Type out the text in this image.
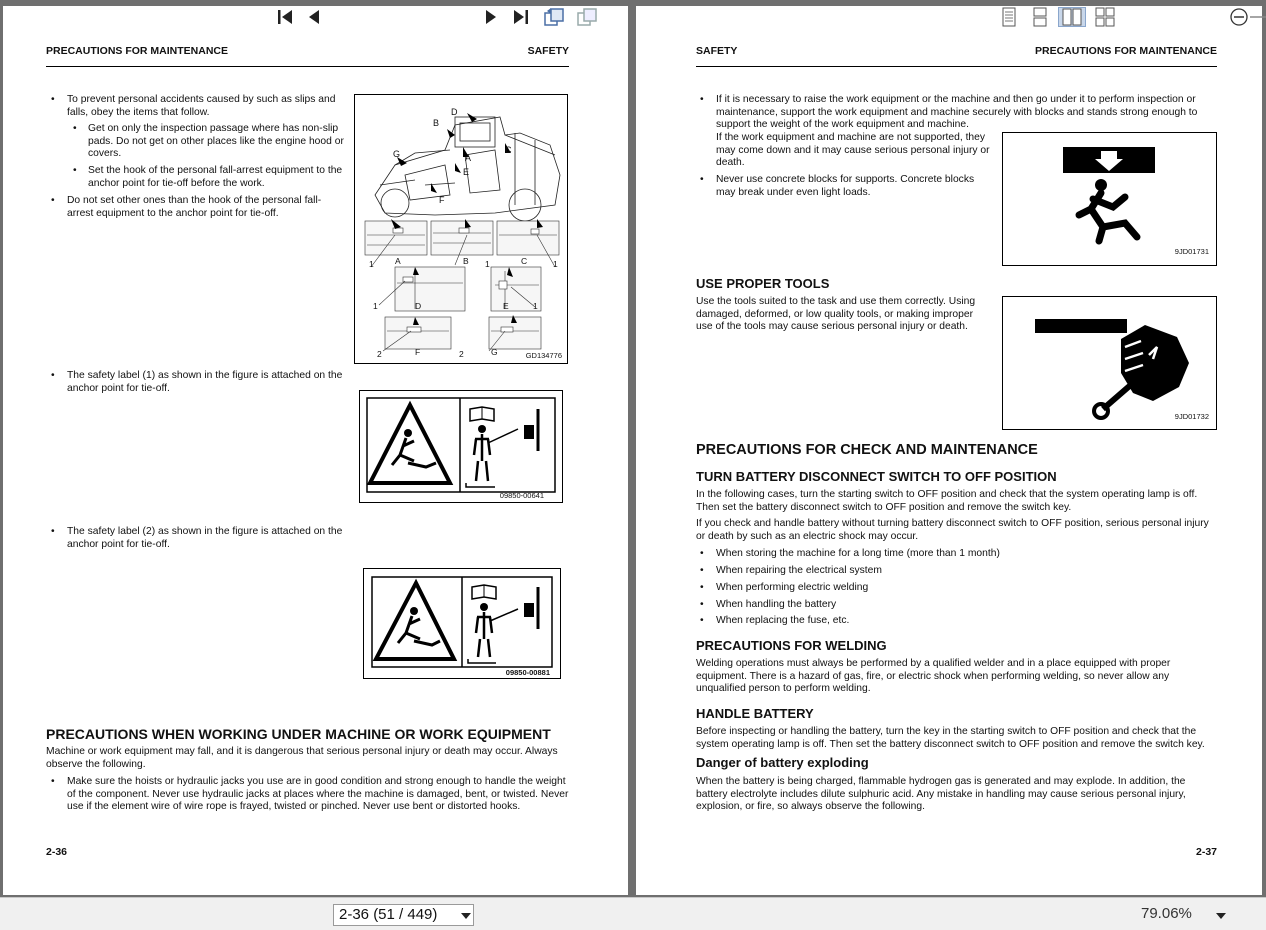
PRECAUTIONS FOR MAINTENANCE	SAFETY
• To prevent personal accidents caused by such as slips and falls, obey the items that follow.
• Get on only the inspection passage where has non-slip pads. Do not get on other places like the engine hood or covers.
• Set the hook of the personal fall-arrest equipment to the anchor point for tie-off before the work.
• Do not set other ones than the hook of the personal fall-arrest equipment to the anchor point for tie-off.
D
B
G	A
C
E
F
A	B	C
D	E
F	G
1	1	1
1	1
2	2	GD134776
• The safety label (1) as shown in the figure is attached on the anchor point for tie-off.
09850-00641
• The safety label (2) as shown in the figure is attached on the anchor point for tie-off.
09850-00881
PRECAUTIONS WHEN WORKING UNDER MACHINE OR WORK EQUIPMENT
Machine or work equipment may fall, and it is dangerous that serious personal injury or death may occur. Always observe the following.
• Make sure the hoists or hydraulic jacks you use are in good condition and strong enough to handle the weight of the component. Never use hydraulic jacks at places where the machine is damaged, bent, or twisted. Never use if the element wire of wire rope is frayed, twisted or pinched. Never use bent or distorted hooks.
2-36
SAFETY	PRECAUTIONS FOR MAINTENANCE
• If it is necessary to raise the work equipment or the machine and then go under it to perform inspection or maintenance, support the work equipment and machine securely with blocks and stands strong enough to support the weight of the work equipment and machine.
If the work equipment and machine are not supported, they may come down and it may cause serious personal injury or death.
• Never use concrete blocks for supports. Concrete blocks may break under even light loads.
9JD01731
USE PROPER TOOLS
Use the tools suited to the task and use them correctly. Using damaged, deformed, or low quality tools, or making improper use of the tools may cause serious personal injury or death.
9JD01732
PRECAUTIONS FOR CHECK AND MAINTENANCE
TURN BATTERY DISCONNECT SWITCH TO OFF POSITION
In the following cases, turn the starting switch to OFF position and check that the system operating lamp is off. Then set the battery disconnect switch to OFF position and remove the switch key.
If you check and handle battery without turning battery disconnect switch to OFF position, serious personal injury or death by such as an electric shock may occur.
• When storing the machine for a long time (more than 1 month)
• When repairing the electrical system
• When performing electric welding
• When handling the battery
• When replacing the fuse, etc.
PRECAUTIONS FOR WELDING
Welding operations must always be performed by a qualified welder and in a place equipped with proper equipment. There is a hazard of gas, fire, or electric shock when performing welding, so never allow any unqualified person to perform welding.
HANDLE BATTERY
Before inspecting or handling the battery, turn the key in the starting switch to OFF position and check that the system operating lamp is off. Then set the battery disconnect switch to OFF position and remove the switch key.
Danger of battery exploding
When the battery is being charged, flammable hydrogen gas is generated and may explode. In addition, the battery electrolyte includes dilute sulphuric acid. Any mistake in handling may cause serious personal injury, explosion, or fire, so always observe the following.
2-37
2-36 (51 / 449)	79.06%
